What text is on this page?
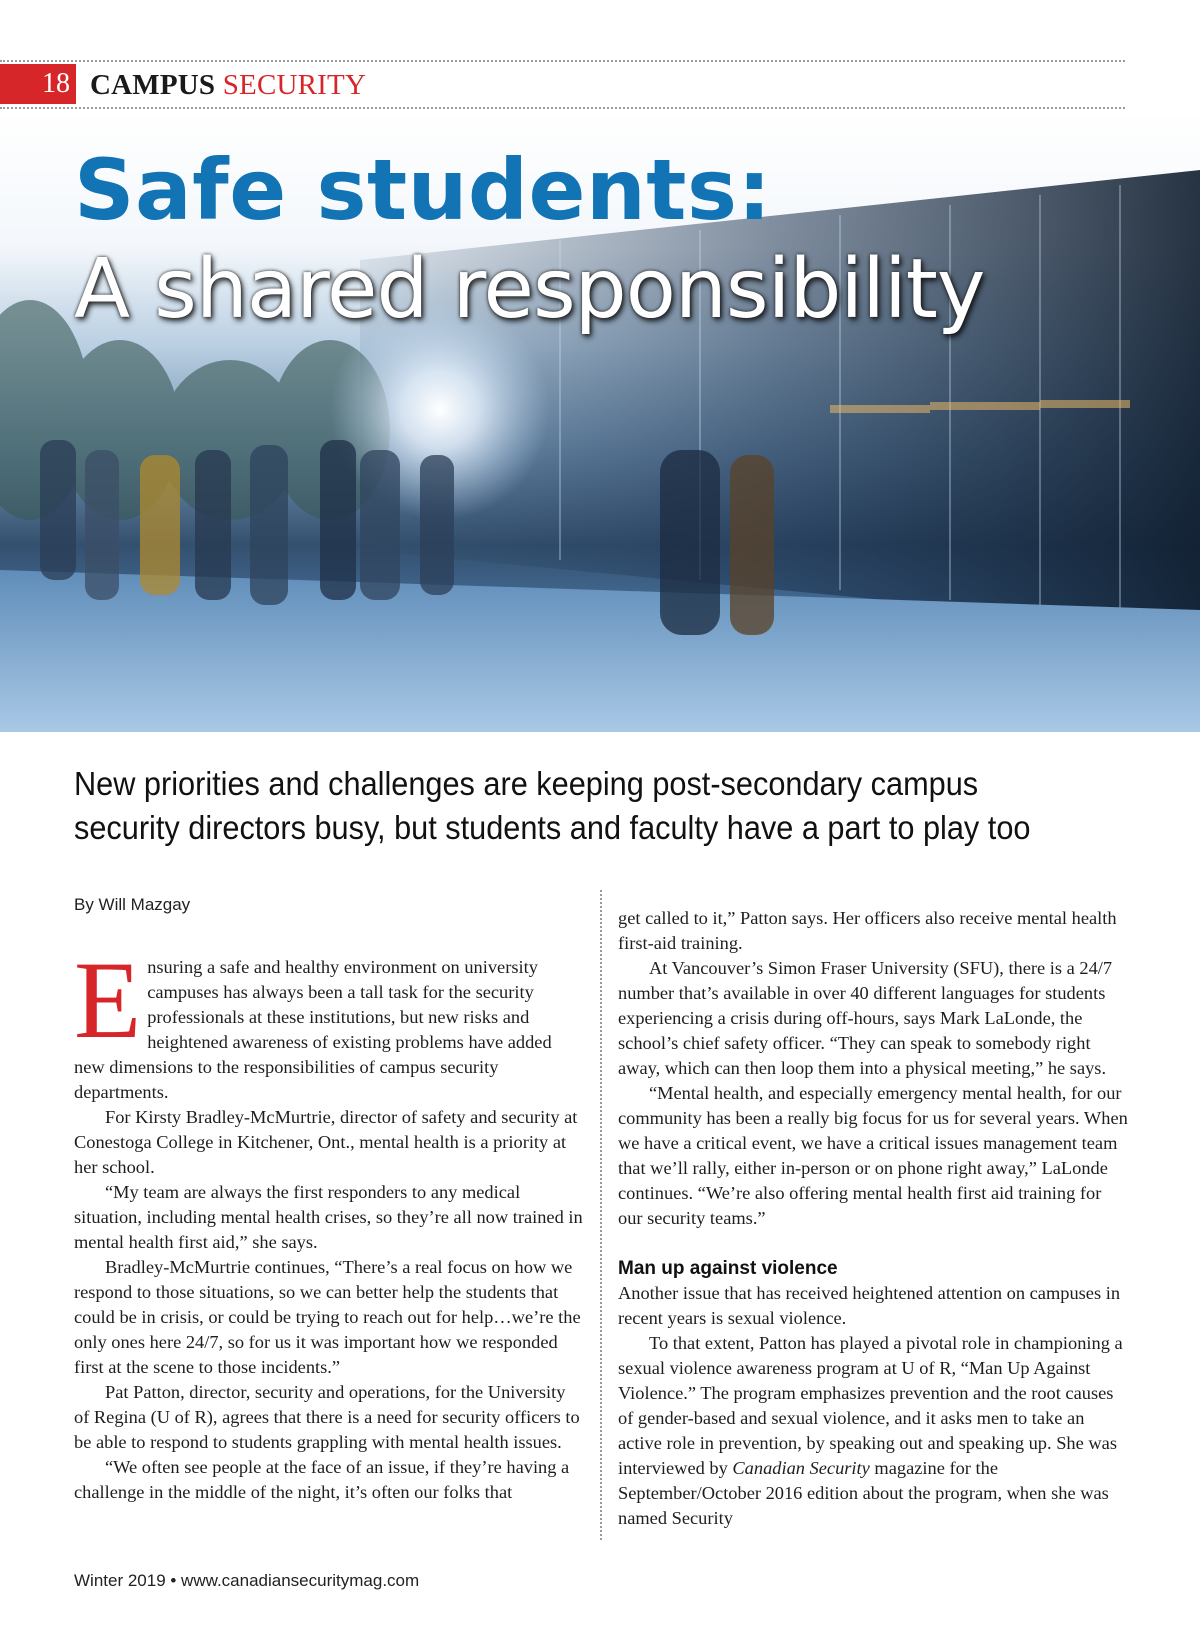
18 CAMPUS SECURITY
Safe students:
A shared responsibility
New priorities and challenges are keeping post-secondary campus
security directors busy, but students and faculty have a part to play too
By Will Mazgay

Ensuring a safe and healthy environment on university campuses has always been a tall task for the security professionals at these institutions, but new risks and heightened awareness of existing problems have added new dimensions to the responsibilities of campus security departments.

For Kirsty Bradley-McMurtrie, director of safety and security at Conestoga College in Kitchener, Ont., mental health is a priority at her school.

“My team are always the first responders to any medical situation, including mental health crises, so they’re all now trained in mental health first aid,” she says.

Bradley-McMurtrie continues, “There’s a real focus on how we respond to those situations, so we can better help the students that could be in crisis, or could be trying to reach out for help…we’re the only ones here 24/7, so for us it was important how we responded first at the scene to those incidents.”

Pat Patton, director, security and operations, for the University of Regina (U of R), agrees that there is a need for security officers to be able to respond to students grappling with mental health issues.

“We often see people at the face of an issue, if they’re having a challenge in the middle of the night, it’s often our folks that

get called to it,” Patton says. Her officers also receive mental health first-aid training.

At Vancouver’s Simon Fraser University (SFU), there is a 24/7 number that’s available in over 40 different languages for students experiencing a crisis during off-hours, says Mark LaLonde, the school’s chief safety officer. “They can speak to somebody right away, which can then loop them into a physical meeting,” he says.

“Mental health, and especially emergency mental health, for our community has been a really big focus for us for several years. When we have a critical event, we have a critical issues management team that we’ll rally, either in-person or on phone right away,” LaLonde continues. “We’re also offering mental health first aid training for our security teams.”

Man up against violence

Another issue that has received heightened attention on campuses in recent years is sexual violence.

To that extent, Patton has played a pivotal role in championing a sexual violence awareness program at U of R, “Man Up Against Violence.” The program emphasizes prevention and the root causes of gender-based and sexual violence, and it asks men to take an active role in prevention, by speaking out and speaking up. She was interviewed by Canadian Security magazine for the September/October 2016 edition about the program, when she was named Security

Winter 2019 • www.canadiansecuritymag.com
